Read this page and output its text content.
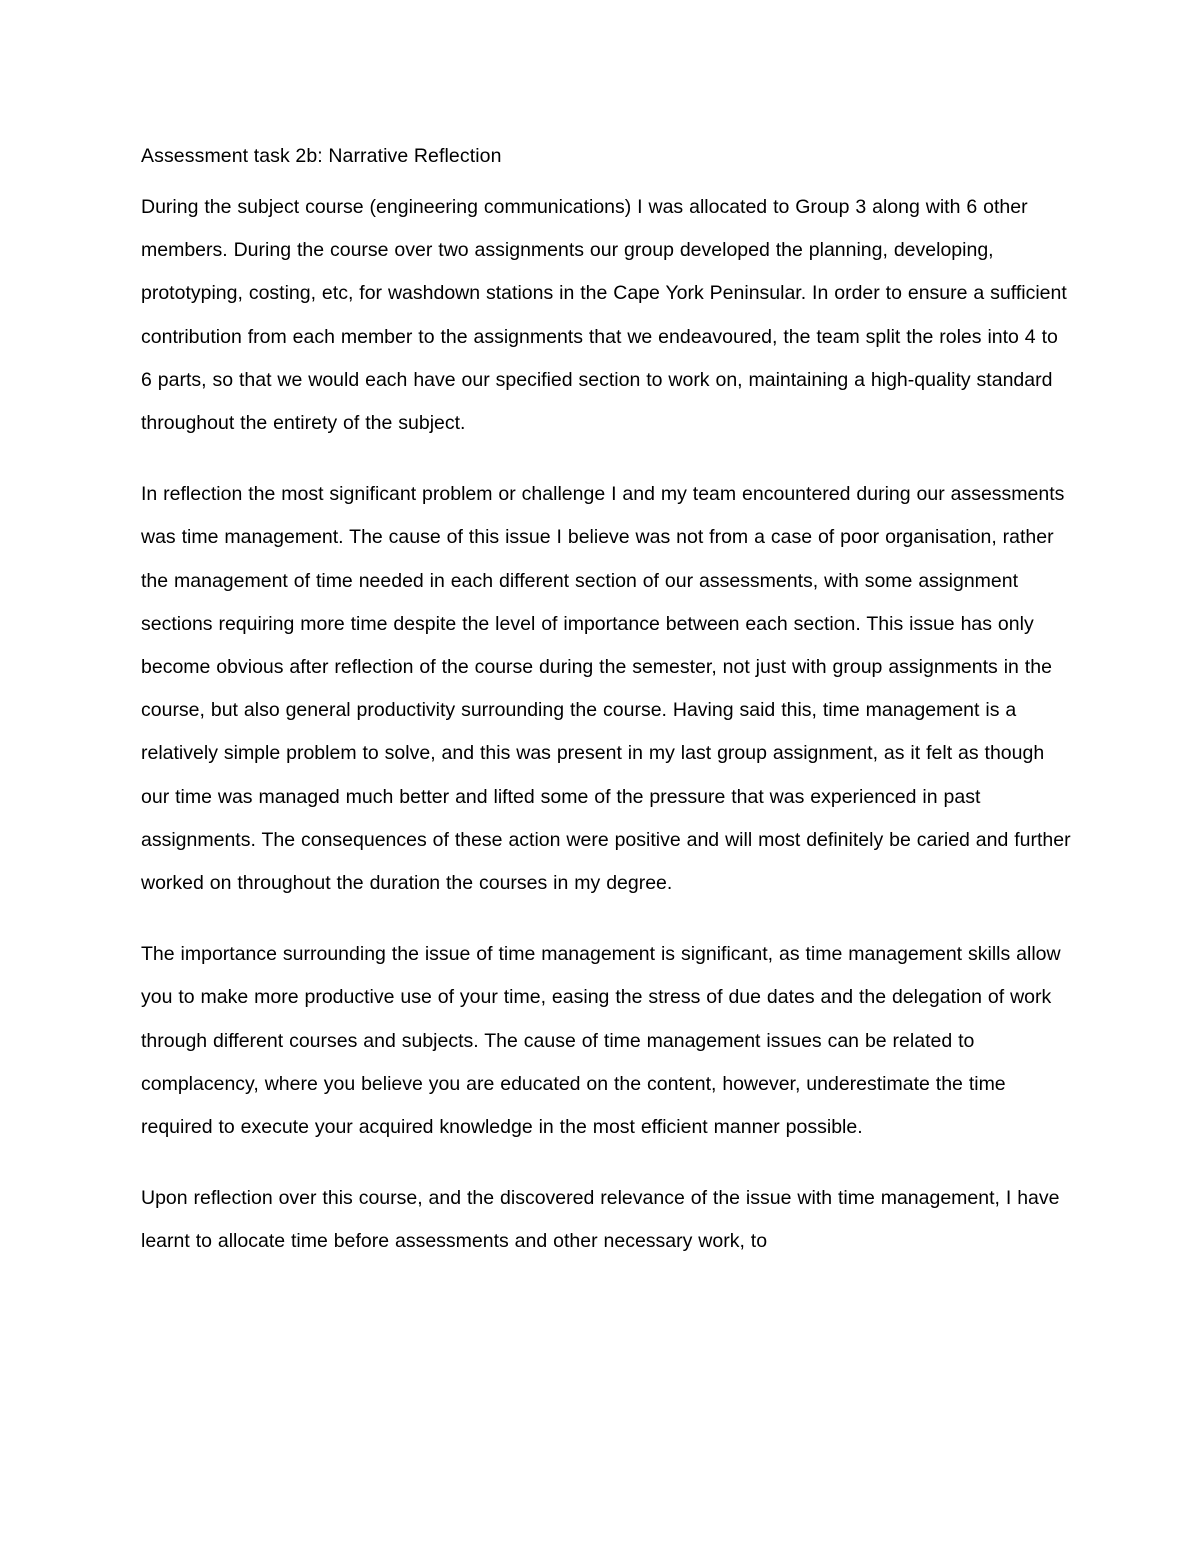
Assessment task 2b: Narrative Reflection

During the subject course (engineering communications) I was allocated to Group 3 along with 6 other members. During the course over two assignments our group developed the planning, developing, prototyping, costing, etc, for washdown stations in the Cape York Peninsular. In order to ensure a sufficient contribution from each member to the assignments that we endeavoured, the team split the roles into 4 to 6 parts, so that we would each have our specified section to work on, maintaining a high-quality standard throughout the entirety of the subject.

In reflection the most significant problem or challenge I and my team encountered during our assessments was time management. The cause of this issue I believe was not from a case of poor organisation, rather the management of time needed in each different section of our assessments, with some assignment sections requiring more time despite the level of importance between each section. This issue has only become obvious after reflection of the course during the semester, not just with group assignments in the course, but also general productivity surrounding the course. Having said this, time management is a relatively simple problem to solve, and this was present in my last group assignment, as it felt as though our time was managed much better and lifted some of the pressure that was experienced in past assignments. The consequences of these action were positive and will most definitely be caried and further worked on throughout the duration the courses in my degree.

The importance surrounding the issue of time management is significant, as time management skills allow you to make more productive use of your time, easing the stress of due dates and the delegation of work through different courses and subjects. The cause of time management issues can be related to complacency, where you believe you are educated on the content, however, underestimate the time required to execute your acquired knowledge in the most efficient manner possible.

Upon reflection over this course, and the discovered relevance of the issue with time management, I have learnt to allocate time before assessments and other necessary work, to
